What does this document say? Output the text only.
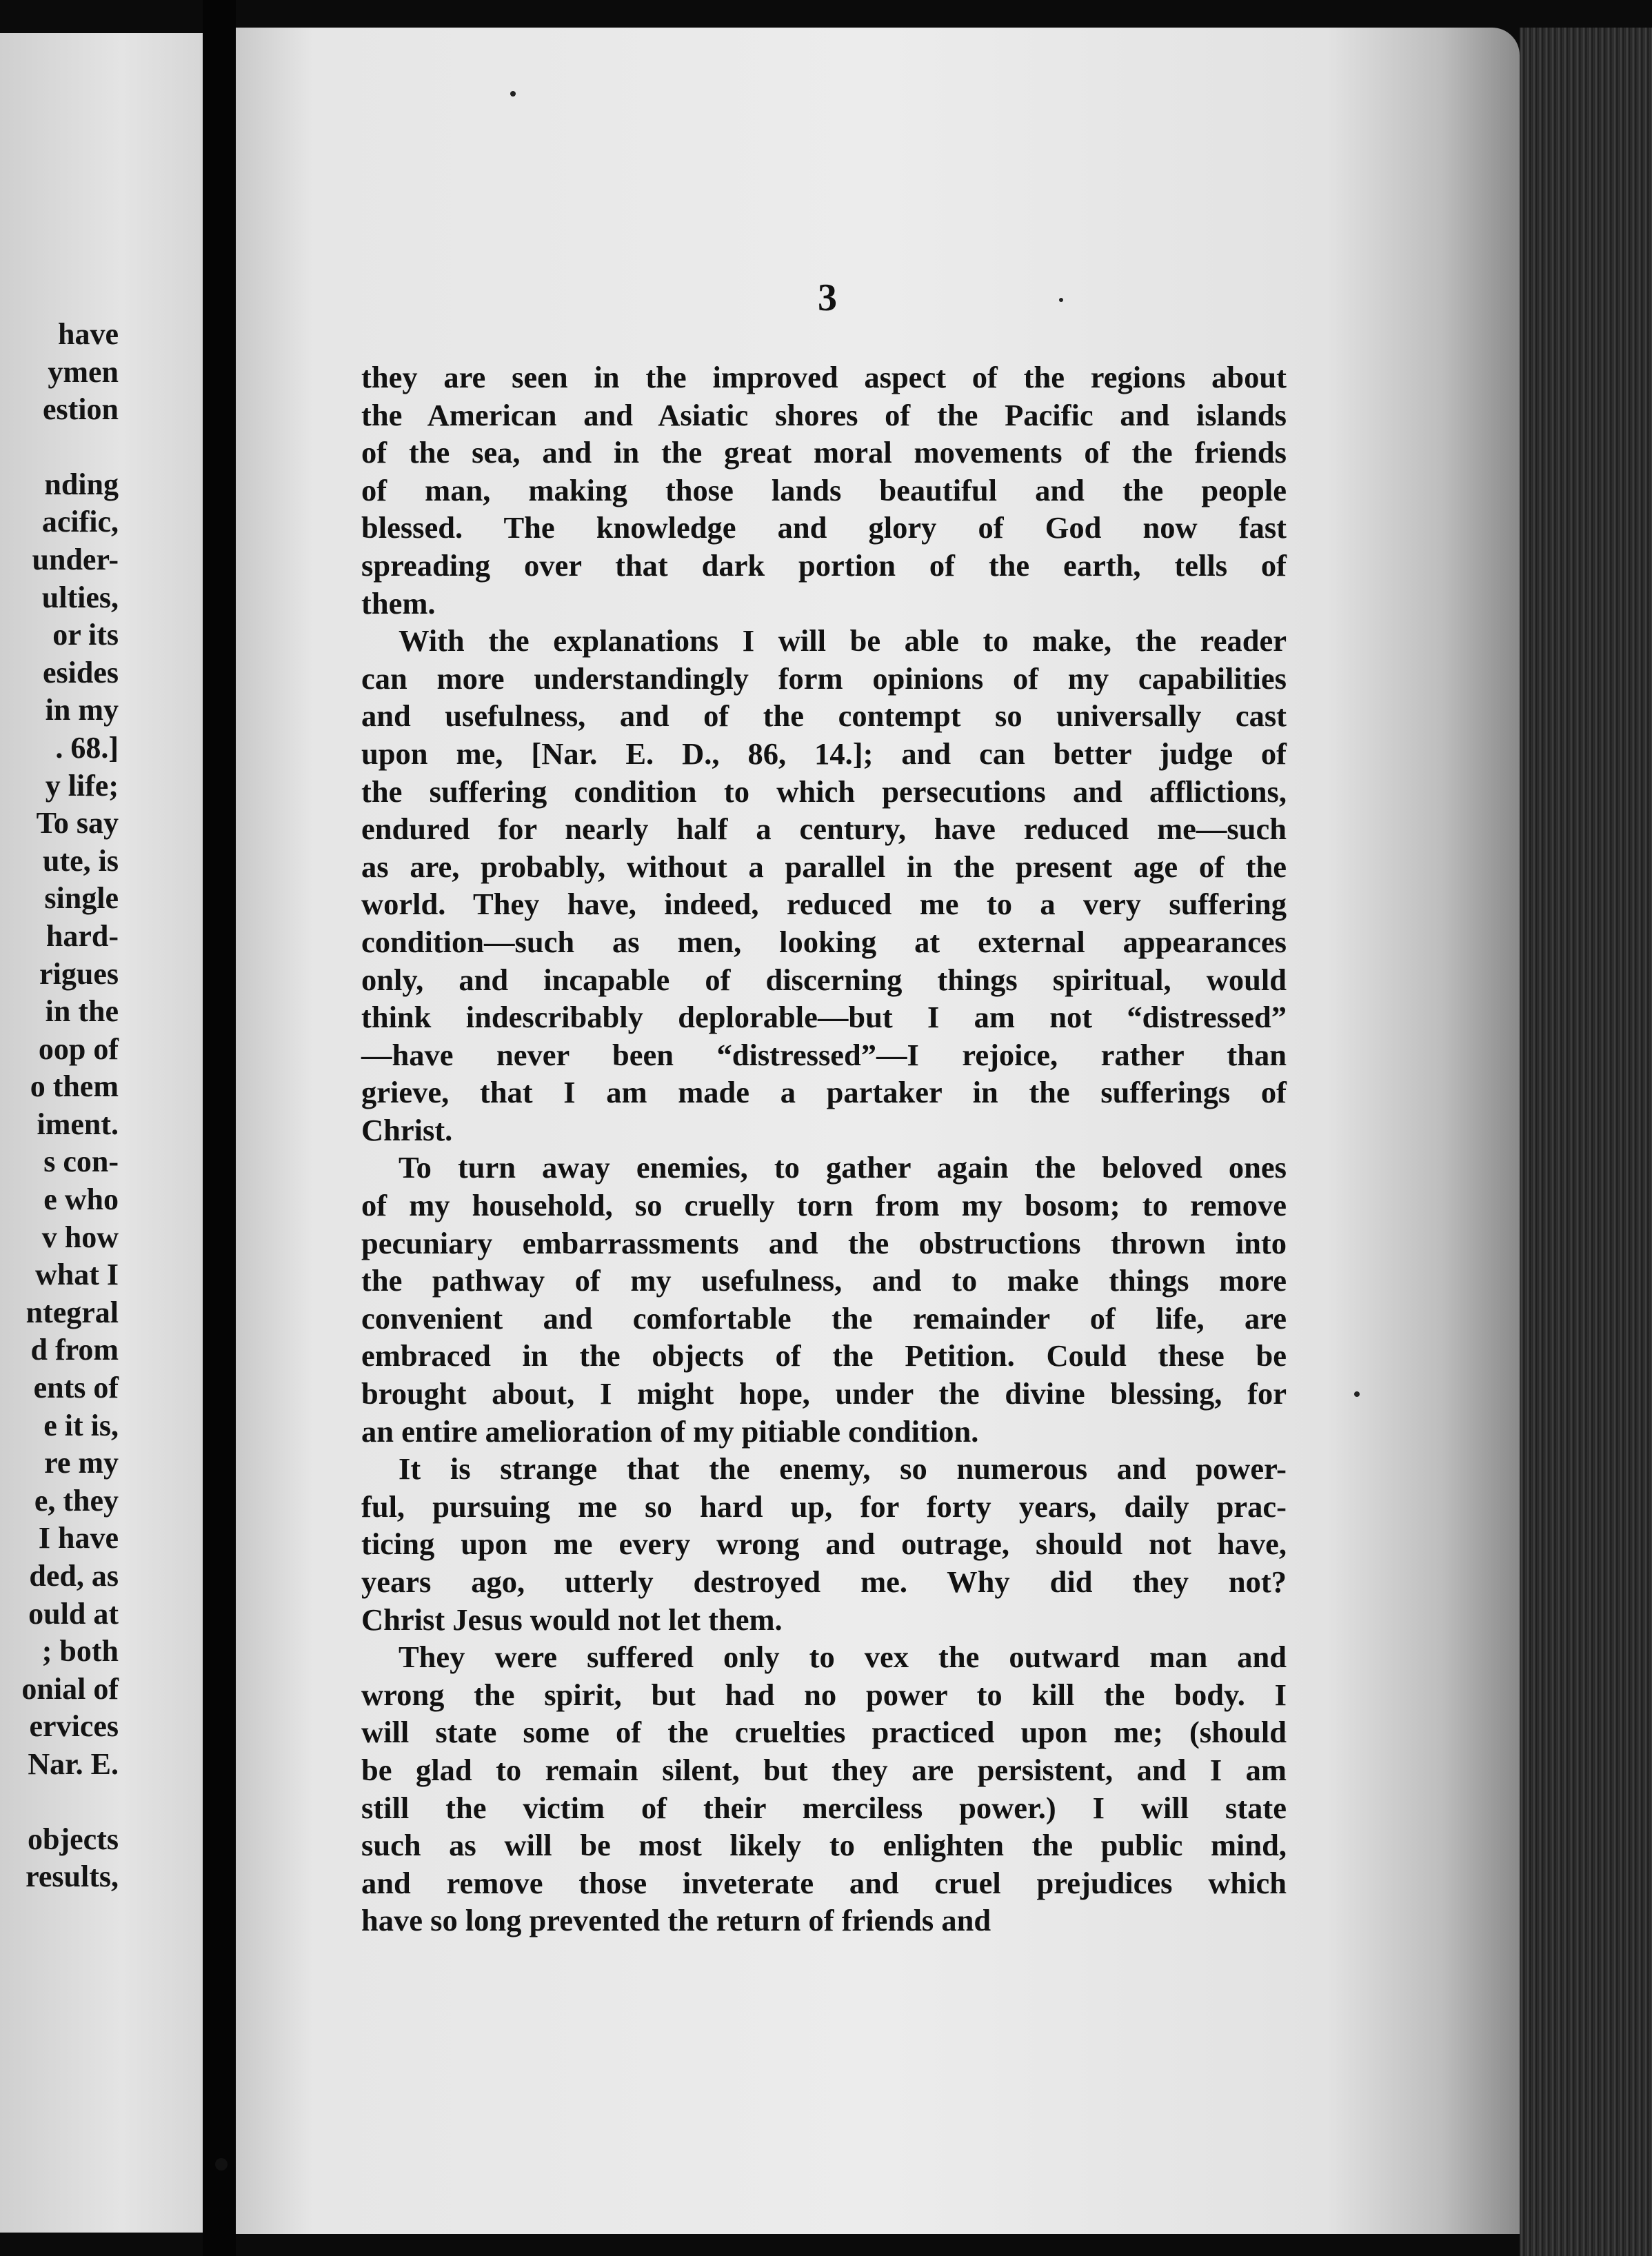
have
ymen
estion
nding
acific,
under-
ulties,
or its
esides
in my
. 68.]
y life;
To say
ute, is
single
hard-
rigues
in the
oop of
o them
iment.
s con-
e who
v how
what I
ntegral
d from
ents of
e it is,
re my
e, they
I have
ded, as
ould at
; both
onial of
ervices
Nar. E.
objects
results,
3
they are seen in the improved aspect of the regions about
the American and Asiatic shores of the Pacific and islands
of the sea, and in the great moral movements of the friends
of man, making those lands beautiful and the people
blessed. The knowledge and glory of God now fast
spreading over that dark portion of the earth, tells of
them.
With the explanations I will be able to make, the reader
can more understandingly form opinions of my capabilities
and usefulness, and of the contempt so universally cast
upon me, [Nar. E. D., 86, 14.]; and can better judge of
the suffering condition to which persecutions and afflictions,
endured for nearly half a century, have reduced me—such
as are, probably, without a parallel in the present age of the
world. They have, indeed, reduced me to a very suffering
condition—such as men, looking at external appearances
only, and incapable of discerning things spiritual, would
think indescribably deplorable—but I am not “distressed”
—have never been “distressed”—I rejoice, rather than
grieve, that I am made a partaker in the sufferings of
Christ.
To turn away enemies, to gather again the beloved ones
of my household, so cruelly torn from my bosom; to remove
pecuniary embarrassments and the obstructions thrown into
the pathway of my usefulness, and to make things more
convenient and comfortable the remainder of life, are
embraced in the objects of the Petition. Could these be
brought about, I might hope, under the divine blessing, for
an entire amelioration of my pitiable condition.
It is strange that the enemy, so numerous and power-
ful, pursuing me so hard up, for forty years, daily prac-
ticing upon me every wrong and outrage, should not have,
years ago, utterly destroyed me. Why did they not?
Christ Jesus would not let them.
They were suffered only to vex the outward man and
wrong the spirit, but had no power to kill the body. I
will state some of the cruelties practiced upon me; (should
be glad to remain silent, but they are persistent, and I am
still the victim of their merciless power.) I will state
such as will be most likely to enlighten the public mind,
and remove those inveterate and cruel prejudices which
have so long prevented the return of friends and
